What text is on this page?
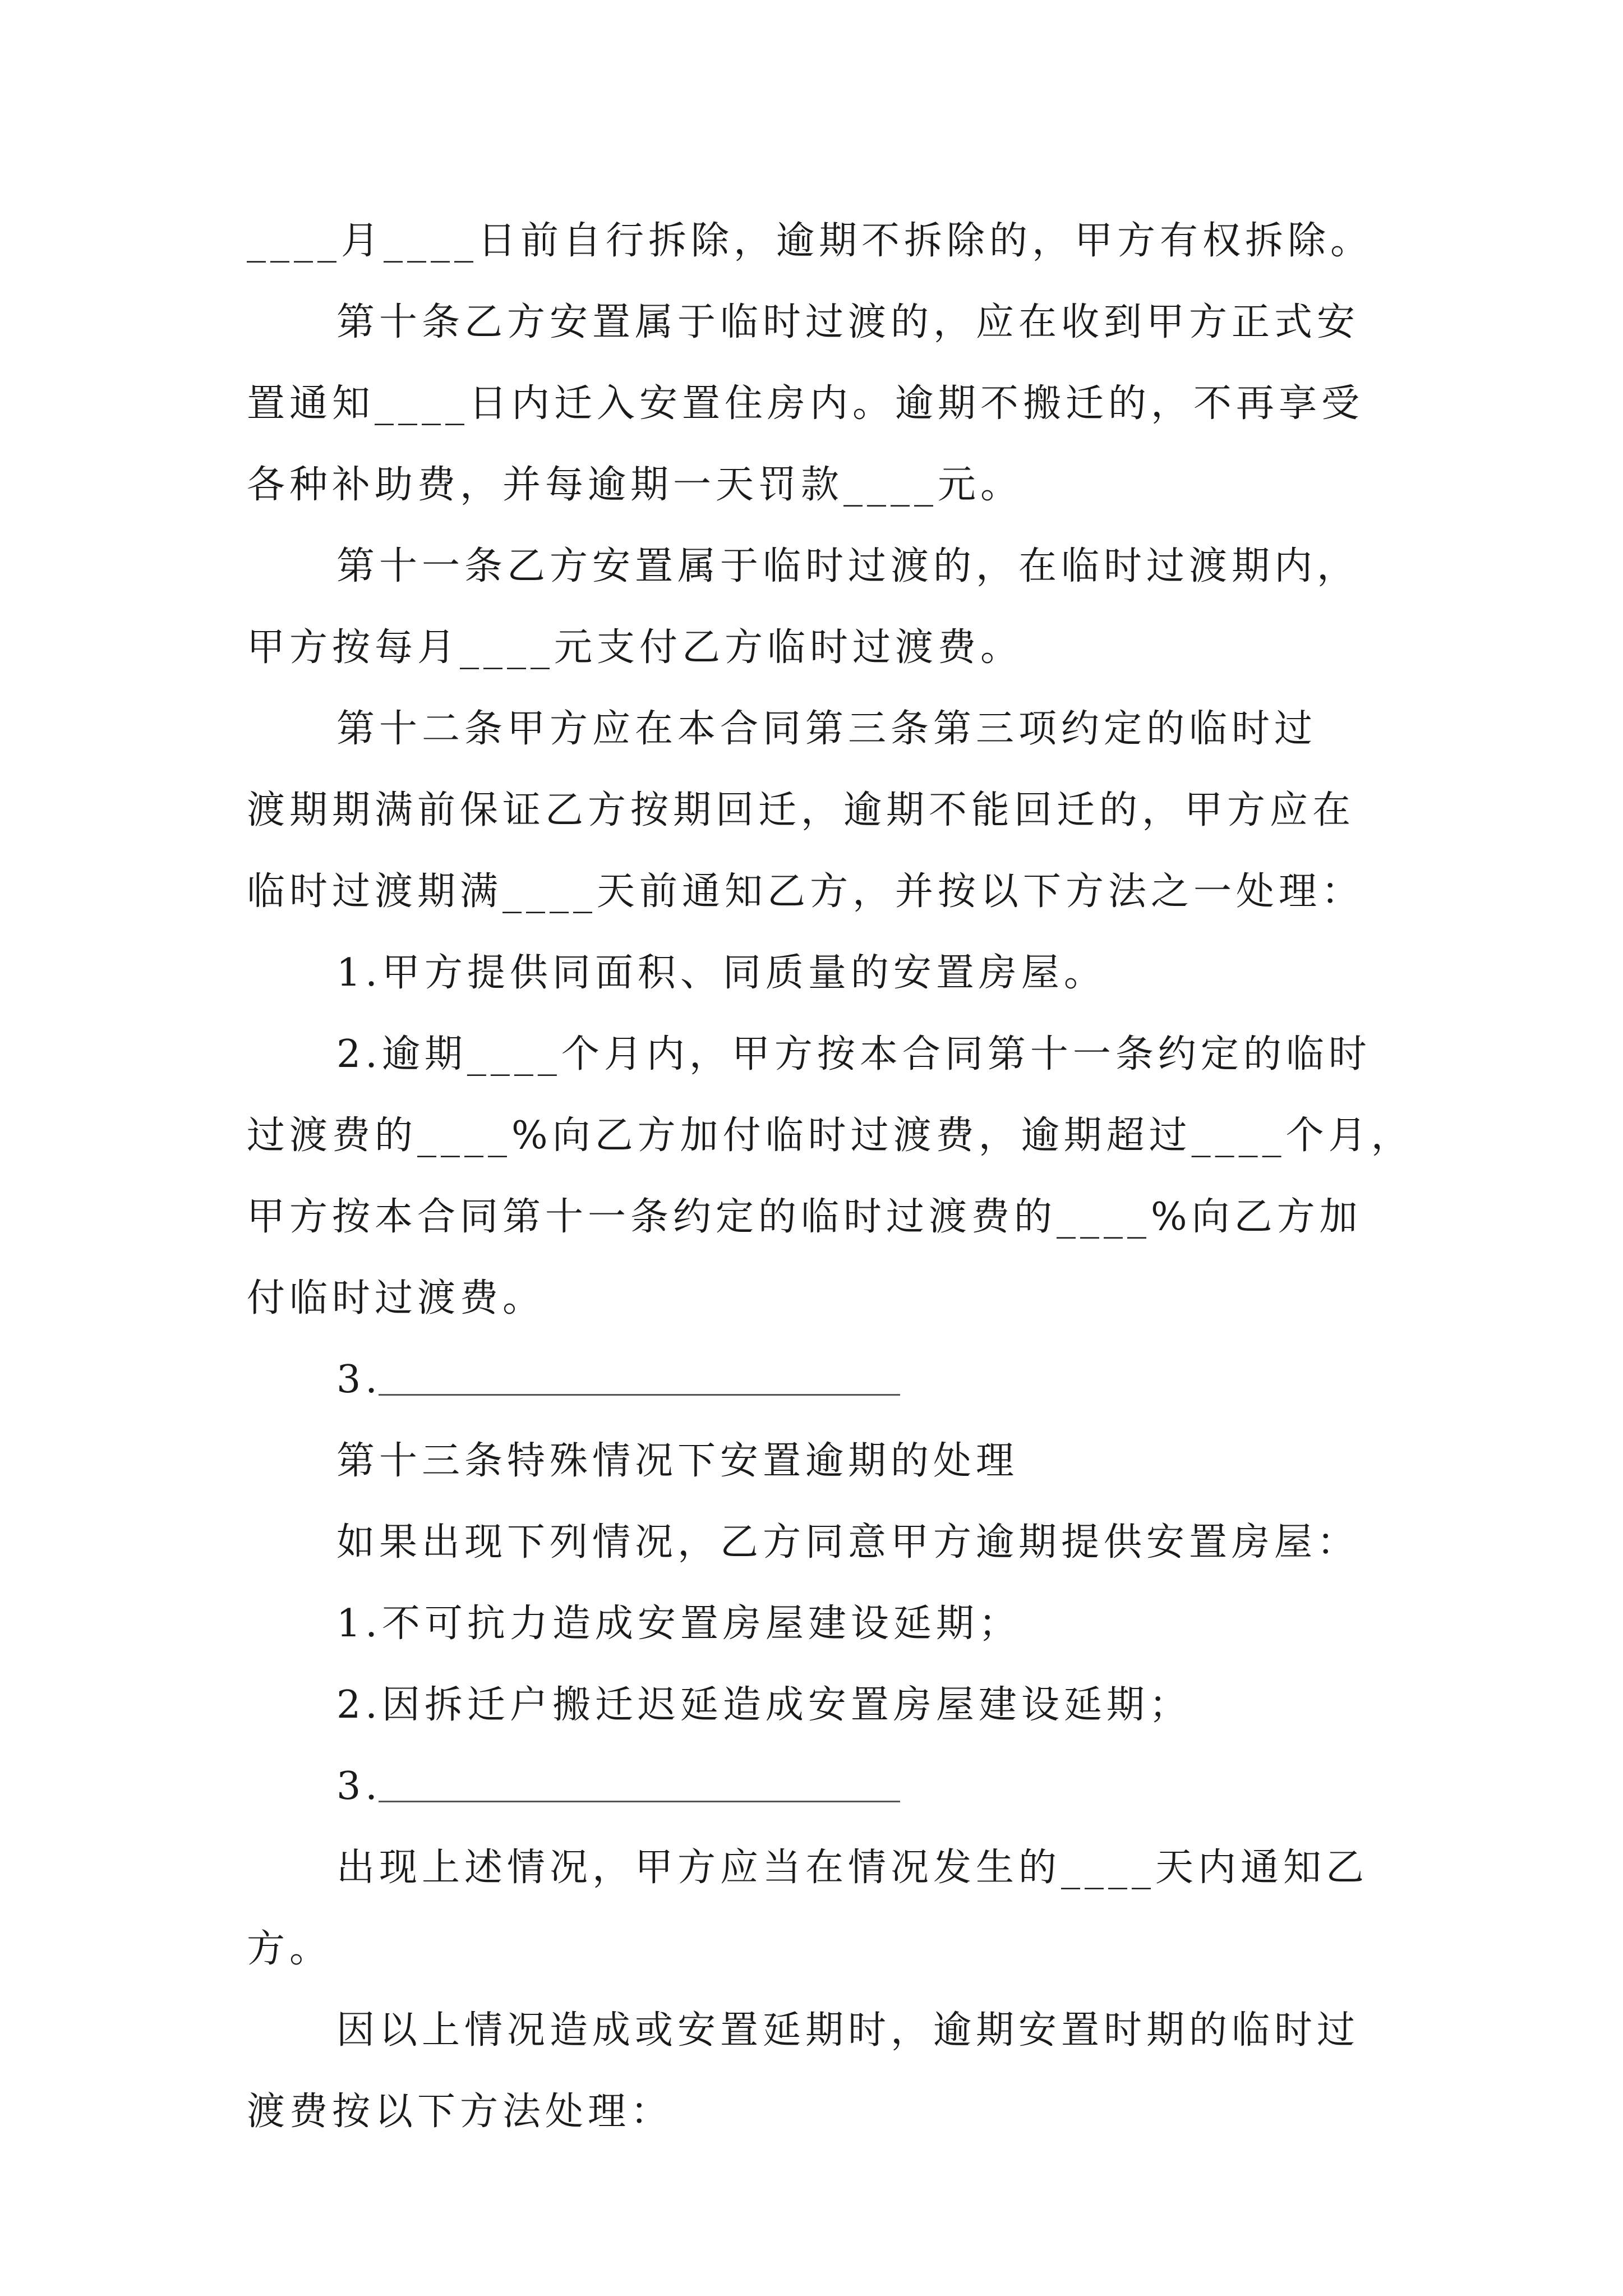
____月____日前自行拆除，逾期不拆除的，甲方有权拆除。
第十条乙方安置属于临时过渡的，应在收到甲方正式安
置通知____日内迁入安置住房内。逾期不搬迁的，不再享受
各种补助费，并每逾期一天罚款____元。
第十一条乙方安置属于临时过渡的，在临时过渡期内，
甲方按每月____元支付乙方临时过渡费。
第十二条甲方应在本合同第三条第三项约定的临时过
渡期期满前保证乙方按期回迁，逾期不能回迁的，甲方应在
临时过渡期满____天前通知乙方，并按以下方法之一处理：
1.甲方提供同面积、同质量的安置房屋。
2.逾期____个月内，甲方按本合同第十一条约定的临时
过渡费的____%向乙方加付临时过渡费，逾期超过____个月，
甲方按本合同第十一条约定的临时过渡费的____%向乙方加
付临时过渡费。
3.
第十三条特殊情况下安置逾期的处理
如果出现下列情况，乙方同意甲方逾期提供安置房屋：
1.不可抗力造成安置房屋建设延期；
2.因拆迁户搬迁迟延造成安置房屋建设延期；
3.
出现上述情况，甲方应当在情况发生的____天内通知乙
方。
因以上情况造成或安置延期时，逾期安置时期的临时过
渡费按以下方法处理：
